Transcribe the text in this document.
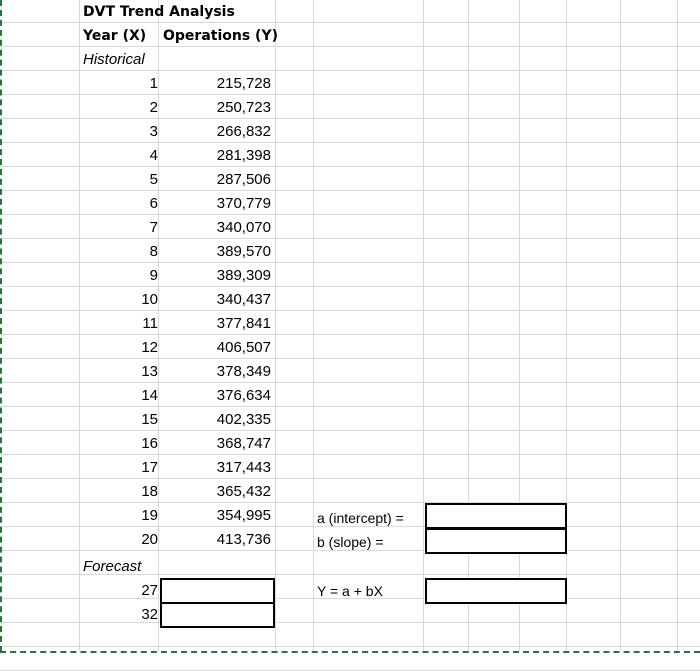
DVT Trend Analysis
Year (X) Operations (Y)
Historical
1	215,728
2	250,723
3	266,832
4	281,398
5	287,506
6	370,779
7	340,070
8	389,570
9	389,309
10	340,437
11	377,841
12	406,507
13	378,349
14	376,634
15	402,335
16	368,747
17	317,443
18	365,432
19	354,995
20	413,736
Forecast
27
32
a (intercept) =
b (slope) =
Y = a + bX
